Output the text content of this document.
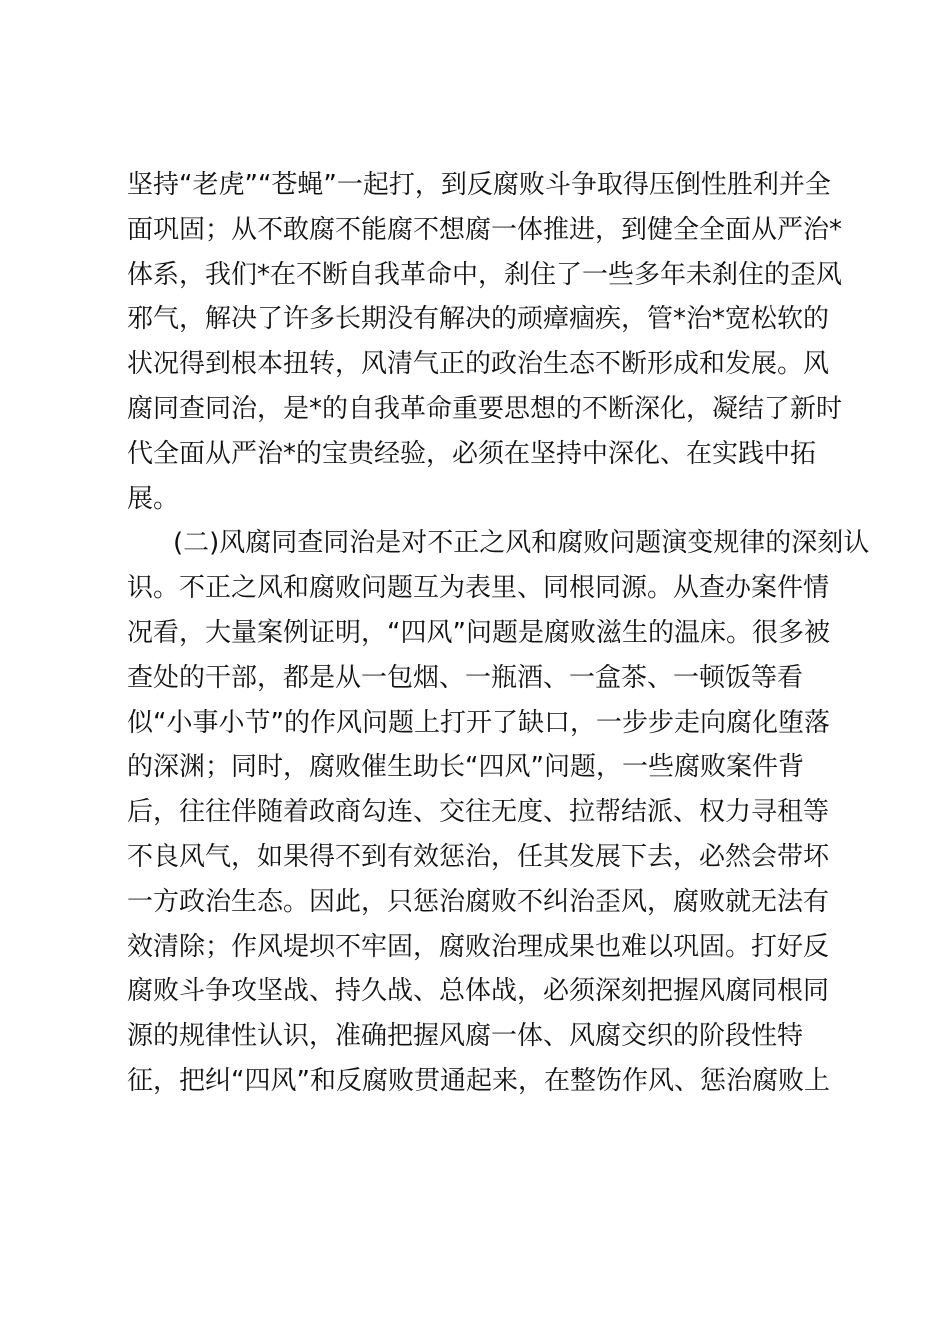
坚持“老虎”“苍蝇”一起打，到反腐败斗争取得压倒性胜利并全
面巩固；从不敢腐不能腐不想腐一体推进，到健全全面从严治*
体系，我们*在不断自我革命中，刹住了一些多年未刹住的歪风
邪气，解决了许多长期没有解决的顽瘴痼疾，管*治*宽松软的
状况得到根本扭转，风清气正的政治生态不断形成和发展。风
腐同查同治，是*的自我革命重要思想的不断深化，凝结了新时
代全面从严治*的宝贵经验，必须在坚持中深化、在实践中拓
展。
(二)风腐同查同治是对不正之风和腐败问题演变规律的深刻认
识。不正之风和腐败问题互为表里、同根同源。从查办案件情
况看，大量案例证明，“四风”问题是腐败滋生的温床。很多被
查处的干部，都是从一包烟、一瓶酒、一盒茶、一顿饭等看
似“小事小节”的作风问题上打开了缺口，一步步走向腐化堕落
的深渊；同时，腐败催生助长“四风”问题，一些腐败案件背
后，往往伴随着政商勾连、交往无度、拉帮结派、权力寻租等
不良风气，如果得不到有效惩治，任其发展下去，必然会带坏
一方政治生态。因此，只惩治腐败不纠治歪风，腐败就无法有
效清除；作风堤坝不牢固，腐败治理成果也难以巩固。打好反
腐败斗争攻坚战、持久战、总体战，必须深刻把握风腐同根同
源的规律性认识，准确把握风腐一体、风腐交织的阶段性特
征，把纠“四风”和反腐败贯通起来，在整饬作风、惩治腐败上
